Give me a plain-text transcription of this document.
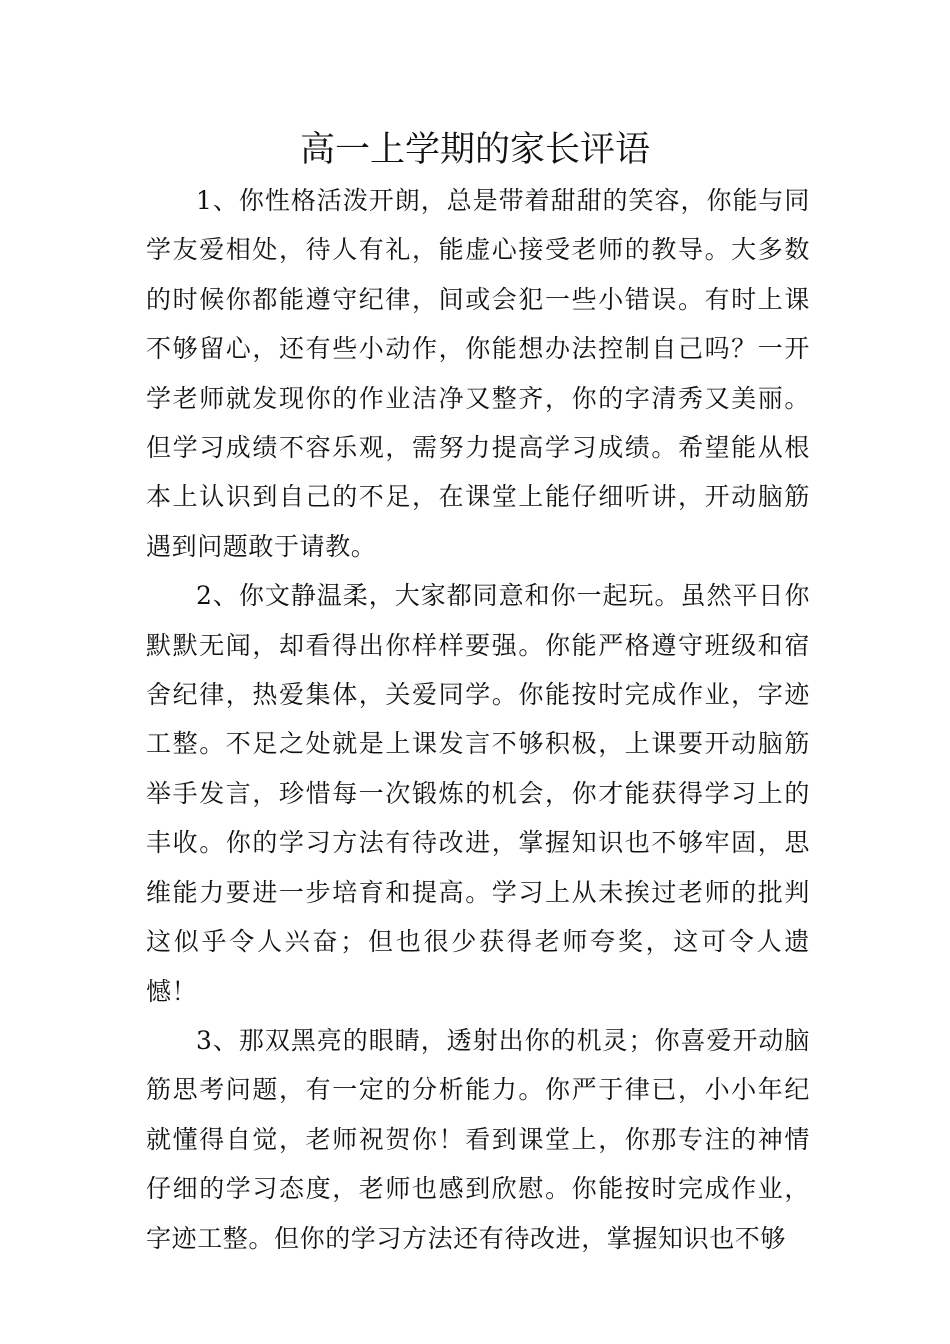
高一上学期的家长评语

1、你性格活泼开朗，总是带着甜甜的笑容，你能与同学友爱相处，待人有礼，能虚心接受老师的教导。大多数的时候你都能遵守纪律，间或会犯一些小错误。有时上课不够留心，还有些小动作，你能想办法控制自己吗？一开学老师就发现你的作业洁净又整齐，你的字清秀又美丽。但学习成绩不容乐观，需努力提高学习成绩。希望能从根本上认识到自己的不足，在课堂上能仔细听讲，开动脑筋遇到问题敢于请教。

2、你文静温柔，大家都同意和你一起玩。虽然平日你默默无闻，却看得出你样样要强。你能严格遵守班级和宿舍纪律，热爱集体，关爱同学。你能按时完成作业，字迹工整。不足之处就是上课发言不够积极，上课要开动脑筋举手发言，珍惜每一次锻炼的机会，你才能获得学习上的丰收。你的学习方法有待改进，掌握知识也不够牢固，思维能力要进一步培育和提高。学习上从未挨过老师的批判这似乎令人兴奋；但也很少获得老师夸奖，这可令人遗憾！

3、那双黑亮的眼睛，透射出你的机灵；你喜爱开动脑筋思考问题，有一定的分析能力。你严于律已，小小年纪就懂得自觉，老师祝贺你！看到课堂上，你那专注的神情仔细的学习态度，老师也感到欣慰。你能按时完成作业，字迹工整。但你的学习方法还有待改进，掌握知识也不够
